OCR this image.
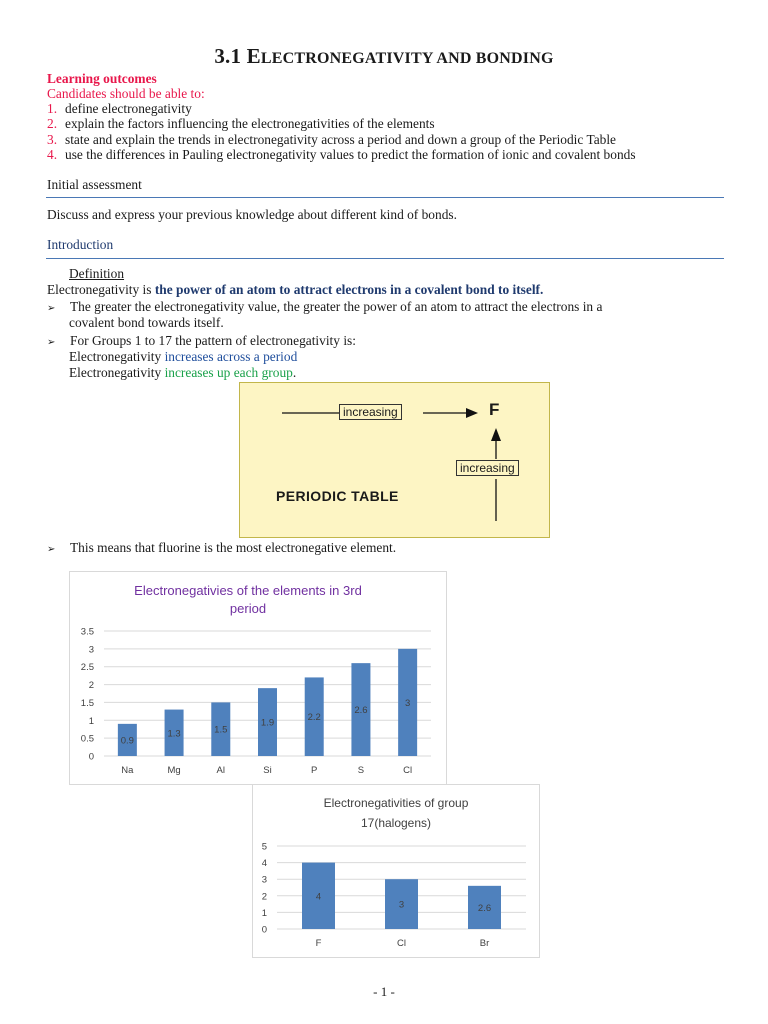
3.1 ELECTRONEGATIVITY AND BONDING
Learning outcomes
Candidates should be able to:
1. define electronegativity
2. explain the factors influencing the electronegativities of the elements
3. state and explain the trends in electronegativity across a period and down a group of the Periodic Table
4. use the differences in Pauling electronegativity values to predict the formation of ionic and covalent bonds
Initial assessment
Discuss and express your previous knowledge about different kind of bonds.
Introduction
Definition
Electronegativity is the power of an atom to attract electrons in a covalent bond to itself.
➢ The greater the electronegativity value, the greater the power of an atom to attract the electrons in a
covalent bond towards itself.
➢ For Groups 1 to 17 the pattern of electronegativity is:
Electronegativity increases across a period
Electronegativity increases up each group.
increasing	F
increasing
PERIODIC TABLE
➢ This means that fluorine is the most electronegative element.
Electronegativies of the elements in 3rd
period
0
0.5
1
1.5
2
2.5
3
3.5
0.9
Na
1.3
Mg
1.5
Al
1.9
Si
2.2
P
2.6
S
3
Cl
Electronegativities of group
17(halogens)
0
1
2
3
4
5
4
F
3
Cl
2.6
Br
- 1 -
